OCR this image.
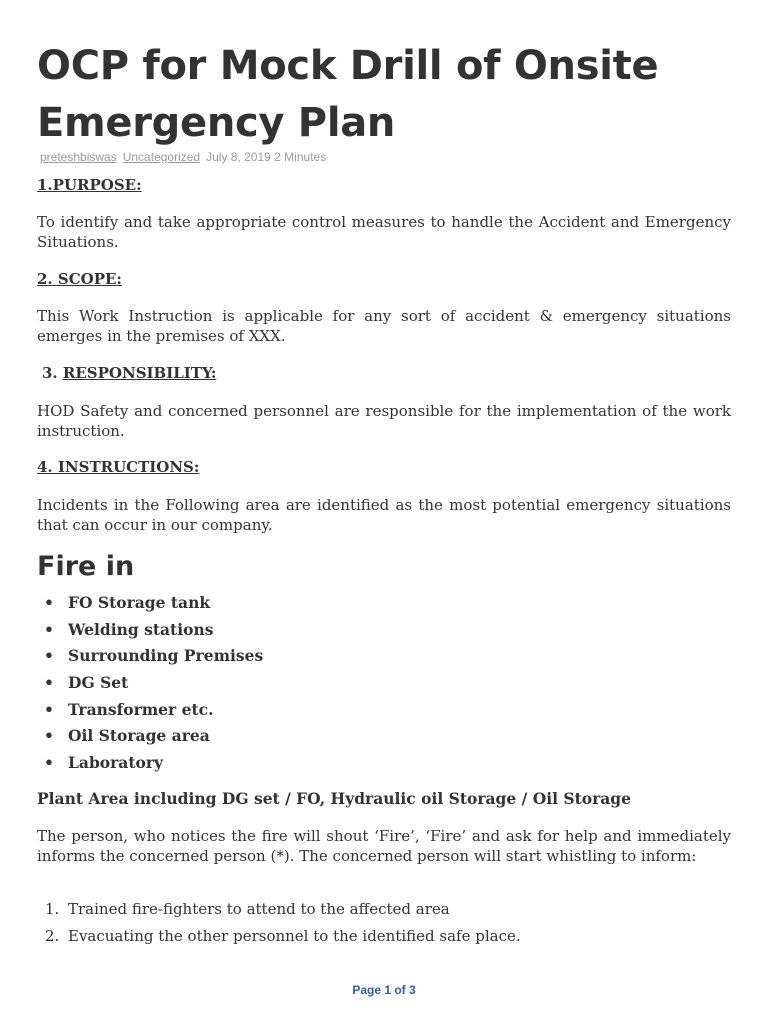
OCP for Mock Drill of Onsite Emergency Plan
preteshbiswas Uncategorized July 8, 2019 2 Minutes
1.PURPOSE:

To identify and take appropriate control measures to handle the Accident and Emergency Situations.

2. SCOPE:

This Work Instruction is applicable for any sort of accident & emergency situations emerges in the premises of XXX.

3. RESPONSIBILITY:

HOD Safety and concerned personnel are responsible for the implementation of the work instruction.

4. INSTRUCTIONS:

Incidents in the Following area are identified as the most potential emergency situations that can occur in our company.

Fire in
• FO Storage tank
• Welding stations
• Surrounding Premises
• DG Set
• Transformer etc.
• Oil Storage area
• Laboratory
Plant Area including DG set / FO, Hydraulic oil Storage / Oil Storage

The person, who notices the fire will shout ‘Fire’, ‘Fire’ and ask for help and immediately informs the concerned person (*). The concerned person will start whistling to inform:

1. Trained fire-fighters to attend to the affected area
2. Evacuating the other personnel to the identified safe place.
Page 1 of 3
